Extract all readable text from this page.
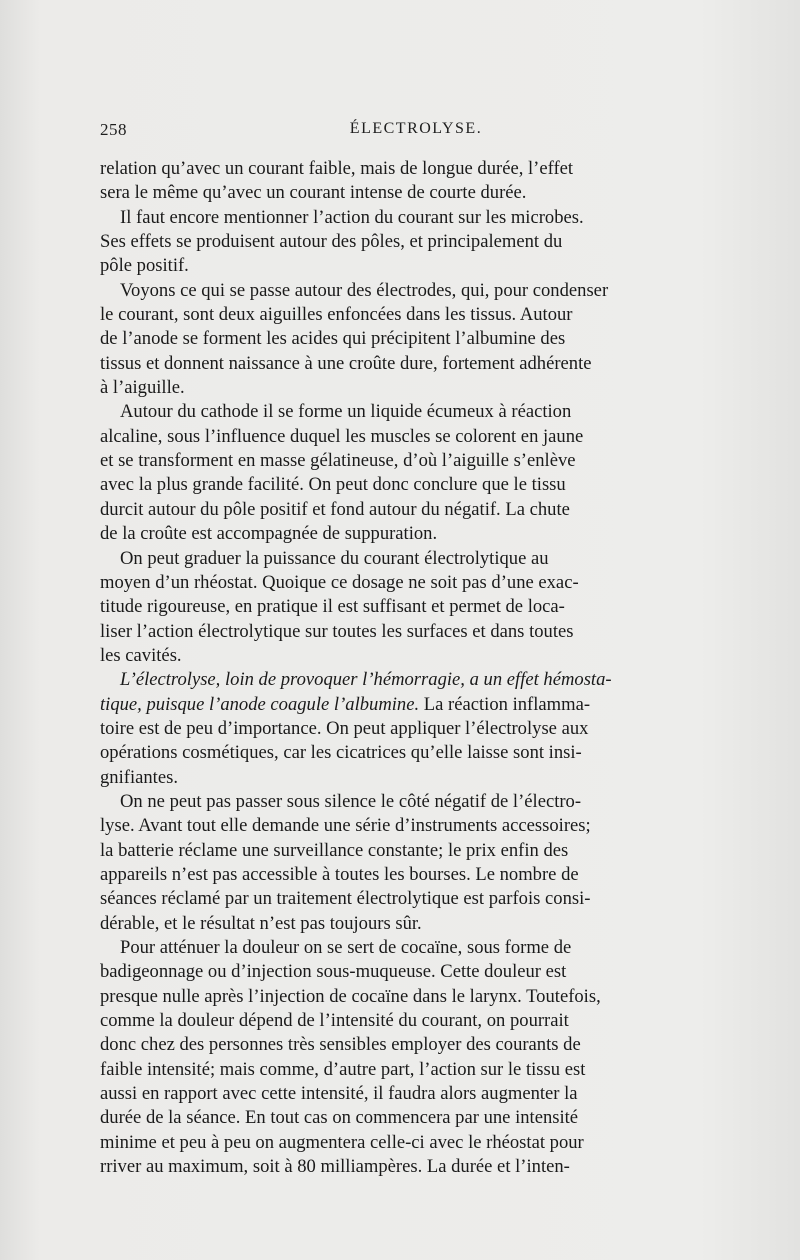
258	ÉLECTROLYSE.
relation qu’avec un courant faible, mais de longue durée, l’effet
sera le même qu’avec un courant intense de courte durée.
Il faut encore mentionner l’action du courant sur les microbes.
Ses effets se produisent autour des pôles, et principalement du
pôle positif.
Voyons ce qui se passe autour des électrodes, qui, pour condenser
le courant, sont deux aiguilles enfoncées dans les tissus. Autour
de l’anode se forment les acides qui précipitent l’albumine des
tissus et donnent naissance à une croûte dure, fortement adhérente
à l’aiguille.
Autour du cathode il se forme un liquide écumeux à réaction
alcaline, sous l’influence duquel les muscles se colorent en jaune
et se transforment en masse gélatineuse, d’où l’aiguille s’enlève
avec la plus grande facilité. On peut donc conclure que le tissu
durcit autour du pôle positif et fond autour du négatif. La chute
de la croûte est accompagnée de suppuration.
On peut graduer la puissance du courant électrolytique au
moyen d’un rhéostat. Quoique ce dosage ne soit pas d’une exac-
titude rigoureuse, en pratique il est suffisant et permet de loca-
liser l’action électrolytique sur toutes les surfaces et dans toutes
les cavités.
L’électrolyse, loin de provoquer l’hémorragie, a un effet hémosta-
tique, puisque l’anode coagule l’albumine. La réaction inflamma-
toire est de peu d’importance. On peut appliquer l’électrolyse aux
opérations cosmétiques, car les cicatrices qu’elle laisse sont insi-
gnifiantes.
On ne peut pas passer sous silence le côté négatif de l’électro-
lyse. Avant tout elle demande une série d’instruments accessoires;
la batterie réclame une surveillance constante; le prix enfin des
appareils n’est pas accessible à toutes les bourses. Le nombre de
séances réclamé par un traitement électrolytique est parfois consi-
dérable, et le résultat n’est pas toujours sûr.
Pour atténuer la douleur on se sert de cocaïne, sous forme de
badigeonnage ou d’injection sous-muqueuse. Cette douleur est
presque nulle après l’injection de cocaïne dans le larynx. Toutefois,
comme la douleur dépend de l’intensité du courant, on pourrait
donc chez des personnes très sensibles employer des courants de
faible intensité; mais comme, d’autre part, l’action sur le tissu est
aussi en rapport avec cette intensité, il faudra alors augmenter la
durée de la séance. En tout cas on commencera par une intensité
minime et peu à peu on augmentera celle-ci avec le rhéostat pour
rriver au maximum, soit à 80 milliampères. La durée et l’inten-
